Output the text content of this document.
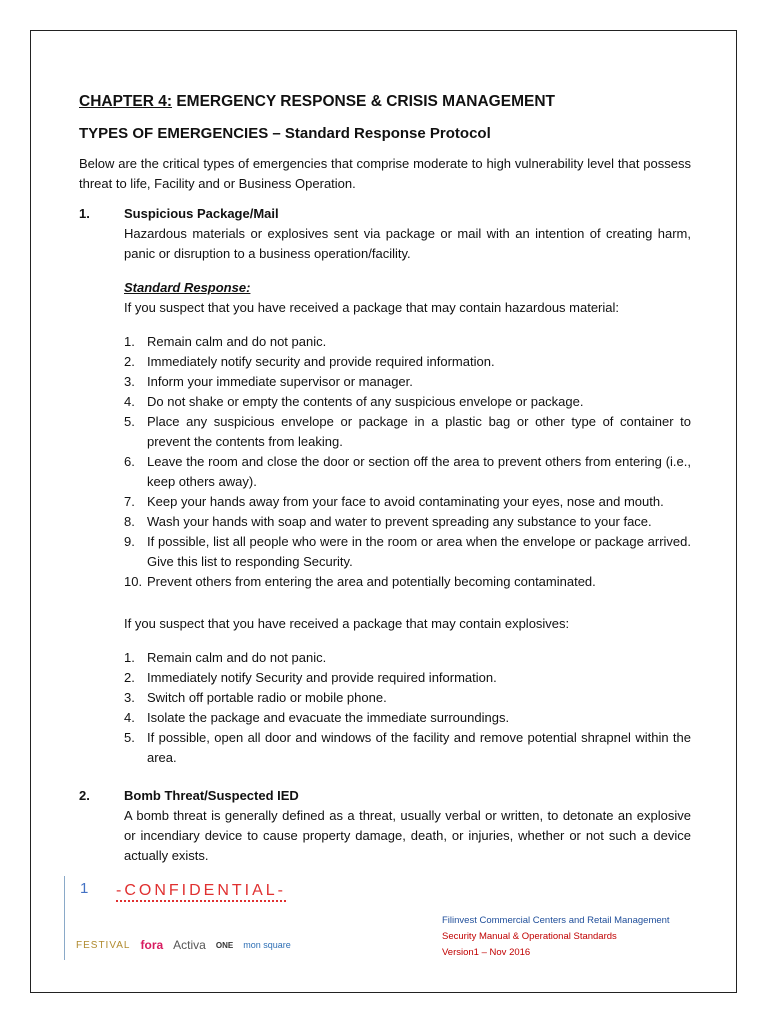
CHAPTER 4: EMERGENCY RESPONSE & CRISIS MANAGEMENT

TYPES OF EMERGENCIES – Standard Response Protocol

Below are the critical types of emergencies that comprise moderate to high vulnerability level that possess threat to life, Facility and or Business Operation.

1.	Suspicious Package/Mail
Hazardous materials or explosives sent via package or mail with an intention of creating harm, panic or disruption to a business operation/facility.
Standard Response:
If you suspect that you have received a package that may contain hazardous material:
1. Remain calm and do not panic.
2. Immediately notify security and provide required information.
3. Inform your immediate supervisor or manager.
4. Do not shake or empty the contents of any suspicious envelope or package.
5. Place any suspicious envelope or package in a plastic bag or other type of container to prevent the contents from leaking.
6. Leave the room and close the door or section off the area to prevent others from entering (i.e., keep others away).
7. Keep your hands away from your face to avoid contaminating your eyes, nose and mouth.
8. Wash your hands with soap and water to prevent spreading any substance to your face.
9. If possible, list all people who were in the room or area when the envelope or package arrived. Give this list to responding Security.
10. Prevent others from entering the area and potentially becoming contaminated.
If you suspect that you have received a package that may contain explosives:
1. Remain calm and do not panic.
2. Immediately notify Security and provide required information.
3. Switch off portable radio or mobile phone.
4. Isolate the package and evacuate the immediate surroundings.
5. If possible, open all door and windows of the facility and remove potential shrapnel within the area.
2.	Bomb Threat/Suspected IED
A bomb threat is generally defined as a threat, usually verbal or written, to detonate an explosive or incendiary device to cause property damage, death, or injuries, whether or not such a device actually exists.
1 -CONFIDENTIAL-
FESTIVAL fora Activa ONE mon square
Filinvest Commercial Centers and Retail Management
Security Manual & Operational Standards
Version1 – Nov 2016
